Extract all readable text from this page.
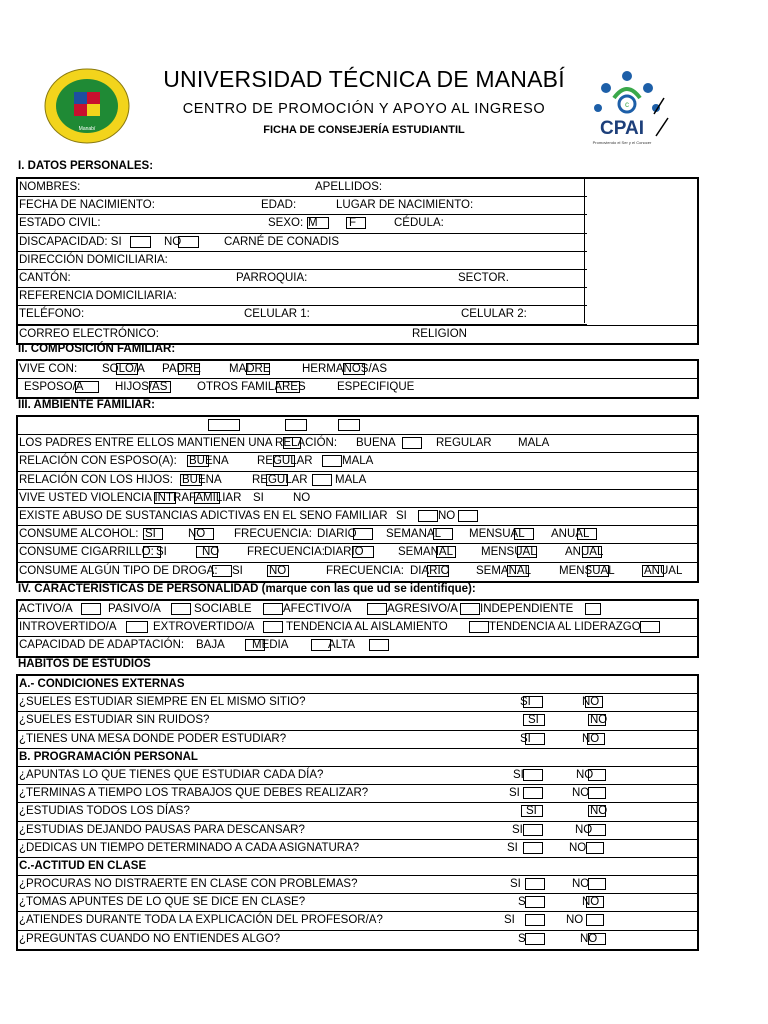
Manabí
c
CPAI
Promoviendo el Ser y el Conocer
UNIVERSIDAD TÉCNICA DE MANABÍ
CENTRO DE PROMOCIÓN Y APOYO AL INGRESO
FICHA DE CONSEJERÍA ESTUDIANTIL
I. DATOS PERSONALES:
NOMBRES:	APELLIDOS:
FECHA DE NACIMIENTO:	EDAD:	LUGAR DE NACIMIENTO:
ESTADO CIVIL:	SEXO: M	F	CÉDULA:
DISCAPACIDAD: SI	NO	CARNÉ DE CONADIS
DIRECCIÓN DOMICILIARIA:
CANTÓN:	PARROQUIA:	SECTOR.
REFERENCIA DOMICILIARIA:
TELÉFONO:	CELULAR 1:	CELULAR 2:
CORREO ELECTRÓNICO:	RELIGION
II. COMPOSICIÓN FAMILIAR:
VIVE CON: SOLO/A PADRE MADRE	HERMANOS/AS
ESPOSO/A	HIJOS/AS	OTROS FAMILARES	ESPECIFIQUE
III. AMBIENTE FAMILIAR:
LOS PADRES ENTRE ELLOS MANTIENEN UNA RELACIÓN: BUENA	REGULAR MALA
RELACIÓN CON ESPOSO(A): BUENA REGULAR	MALA
RELACIÓN CON LOS HIJOS: BUENA	REGULAR MALA
VIVE USTED VIOLENCIA INTRAFAMILIAR SI	NO
EXISTE ABUSO DE SUSTANCIAS ADICTIVAS EN EL SENO FAMILIAR SI	NO
CONSUME ALCOHOL: SI	NO	FRECUENCIA: DIARIO	SEMANAL MENSUAL ANUAL
CONSUME CIGARRILLO: SI	NO FRECUENCIA: DIARIO	SEMANAL MENSUAL ANUAL
CONSUME ALGÚN TIPO DE DROGA: SI NO	FRECUENCIA: DIARIO SEMANAL MENSUAL	ANUAL
IV. CARACTERÍSTICAS DE PERSONALIDAD (marque con las que ud se identifique):
ACTIVO/A	PASIVO/A	SOCIABLE	AFECTIVO/A	AGRESIVO/A INDEPENDIENTE
INTROVERTIDO/A	EXTROVERTIDO/A	TENDENCIA AL AISLAMIENTO	TENDENCIA AL LIDERAZGO
CAPACIDAD DE ADAPTACIÓN: BAJA MEDIA	ALTA
HÁBITOS DE ESTUDIOS
A.- CONDICIONES EXTERNAS
¿SUELES ESTUDIAR SIEMPRE EN EL MISMO SITIO?	SI	NO
¿SUELES ESTUDIAR SIN RUIDOS?	SI	NO
¿TIENES UNA MESA DONDE PODER ESTUDIAR?	SI	NO
B. PROGRAMACIÓN PERSONAL
¿APUNTAS LO QUE TIENES QUE ESTUDIAR CADA DÍA?	SI	NO
¿TERMINAS A TIEMPO LOS TRABAJOS QUE DEBES REALIZAR?	SI	NO
¿ESTUDIAS TODOS LOS DÍAS?	SI	NO
¿ESTUDIAS DEJANDO PAUSAS PARA DESCANSAR?	SI	NO
¿DEDICAS UN TIEMPO DETERMINADO A CADA ASIGNATURA?	SI	NO
C.-ACTITUD EN CLASE
¿PROCURAS NO DISTRAERTE EN CLASE CON PROBLEMAS?	SI	NO
¿TOMAS APUNTES DE LO QUE SE DICE EN CLASE?	S	NO
¿ATIENDES DURANTE TODA LA EXPLICACIÓN DEL PROFESOR/A?	SI	NO
¿PREGUNTAS CUANDO NO ENTIENDES ALGO?	S	NO
